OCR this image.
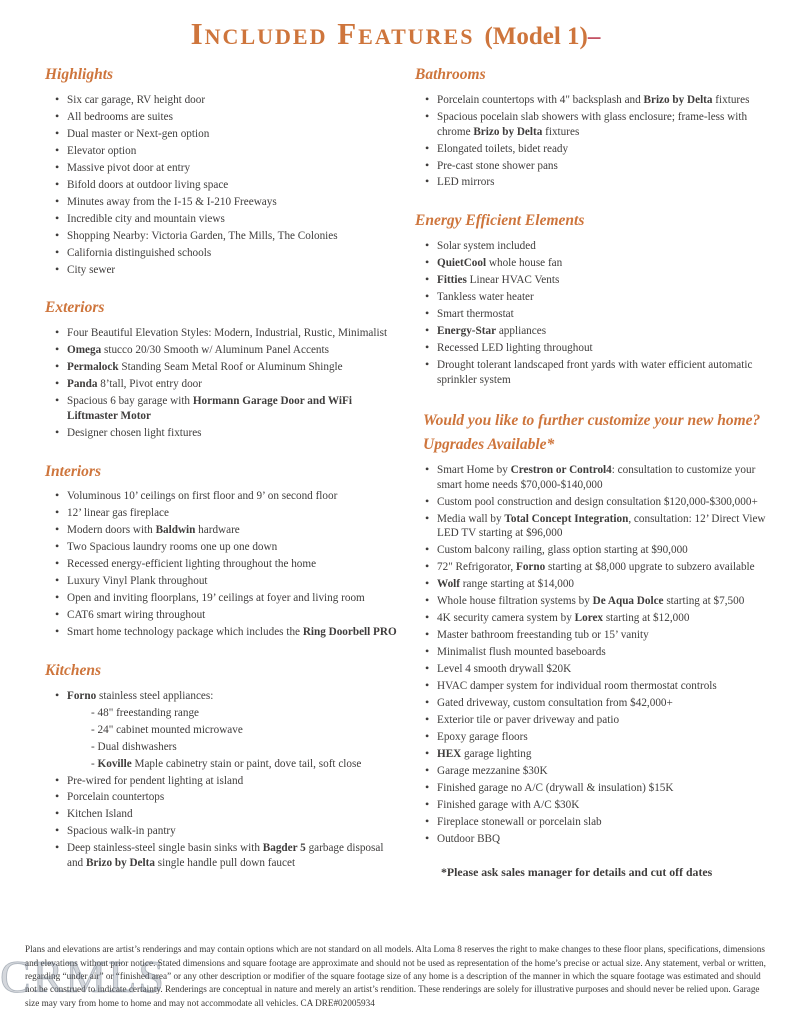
Included Features (Model 1)–
Highlights
• Six car garage, RV height door
• All bedrooms are suites
• Dual master or Next-gen option
• Elevator option
• Massive pivot door at entry
• Bifold doors at outdoor living space
• Minutes away from the I-15 & I-210 Freeways
• Incredible city and mountain views
• Shopping Nearby: Victoria Garden, The Mills, The Colonies
• California distinguished schools
• City sewer
Exteriors
• Four Beautiful Elevation Styles: Modern, Industrial, Rustic, Minimalist
• Omega stucco 20/30 Smooth w/ Aluminum Panel Accents
• Permalock Standing Seam Metal Roof or Aluminum Shingle
• Panda 8’tall, Pivot entry door
• Spacious 6 bay garage with Hormann Garage Door and WiFi Liftmaster Motor
• Designer chosen light fixtures
Interiors
• Voluminous 10’ ceilings on first floor and 9’ on second floor
• 12’ linear gas fireplace
• Modern doors with Baldwin hardware
• Two Spacious laundry rooms one up one down
• Recessed energy-efficient lighting throughout the home
• Luxury Vinyl Plank throughout
• Open and inviting floorplans, 19’ ceilings at foyer and living room
• CAT6 smart wiring throughout
• Smart home technology package which includes the Ring Doorbell PRO
Kitchens
• Forno stainless steel appliances:
- 48" freestanding range
- 24" cabinet mounted microwave
- Dual dishwashers
- Koville Maple cabinetry stain or paint, dove tail, soft close
• Pre-wired for pendent lighting at island
• Porcelain countertops
• Kitchen Island
• Spacious walk-in pantry
• Deep stainless-steel single basin sinks with Bagder 5 garbage disposal and Brizo by Delta single handle pull down faucet
Bathrooms
• Porcelain countertops with 4" backsplash and Brizo by Delta fixtures
• Spacious pocelain slab showers with glass enclosure; frame-less with chrome Brizo by Delta fixtures
• Elongated toilets, bidet ready
• Pre-cast stone shower pans
• LED mirrors
Energy Efficient Elements
• Solar system included
• QuietCool whole house fan
• Fitties Linear HVAC Vents
• Tankless water heater
• Smart thermostat
• Energy-Star appliances
• Recessed LED lighting throughout
• Drought tolerant landscaped front yards with water efficient automatic sprinkler system
Would you like to further customize your new home?
Upgrades Available*
• Smart Home by Crestron or Control4: consultation to customize your smart home needs $70,000-$140,000
• Custom pool construction and design consultation $120,000-$300,000+
• Media wall by Total Concept Integration, consultation: 12’ Direct View LED TV starting at $96,000
• Custom balcony railing, glass option starting at $90,000
• 72" Refrigorator, Forno starting at $8,000 upgrate to subzero available
• Wolf range starting at $14,000
• Whole house filtration systems by De Aqua Dolce starting at $7,500
• 4K security camera system by Lorex starting at $12,000
• Master bathroom freestanding tub or 15’ vanity
• Minimalist flush mounted baseboards
• Level 4 smooth drywall $20K
• HVAC damper system for individual room thermostat controls
• Gated driveway, custom consultation from $42,000+
• Exterior tile or paver driveway and patio
• Epoxy garage floors
• HEX garage lighting
• Garage mezzanine $30K
• Finished garage no A/C (drywall & insulation) $15K
• Finished garage with A/C $30K
• Fireplace stonewall or porcelain slab
• Outdoor BBQ

*Please ask sales manager for details and cut off dates

Plans and elevations are artist’s renderings and may contain options which are not standard on all models. Alta Loma 8 reserves the right to make changes to these floor plans, specifications, dimensions and elevations without prior notice. Stated dimensions and square footage are approximate and should not be used as representation of the home’s precise or actual size. Any statement, verbal or written, regarding “under air” or “finished area” or any other description or modifier of the square footage size of any home is a description of the manner in which the square footage was estimated and should not be construed to indicate certainty. Renderings are conceptual in nature and merely an artist’s rendition. These renderings are solely for illustrative purposes and should never be relied upon. Garage size may vary from home to home and may not accommodate all vehicles. CA DRE#02005934

CRMLS
